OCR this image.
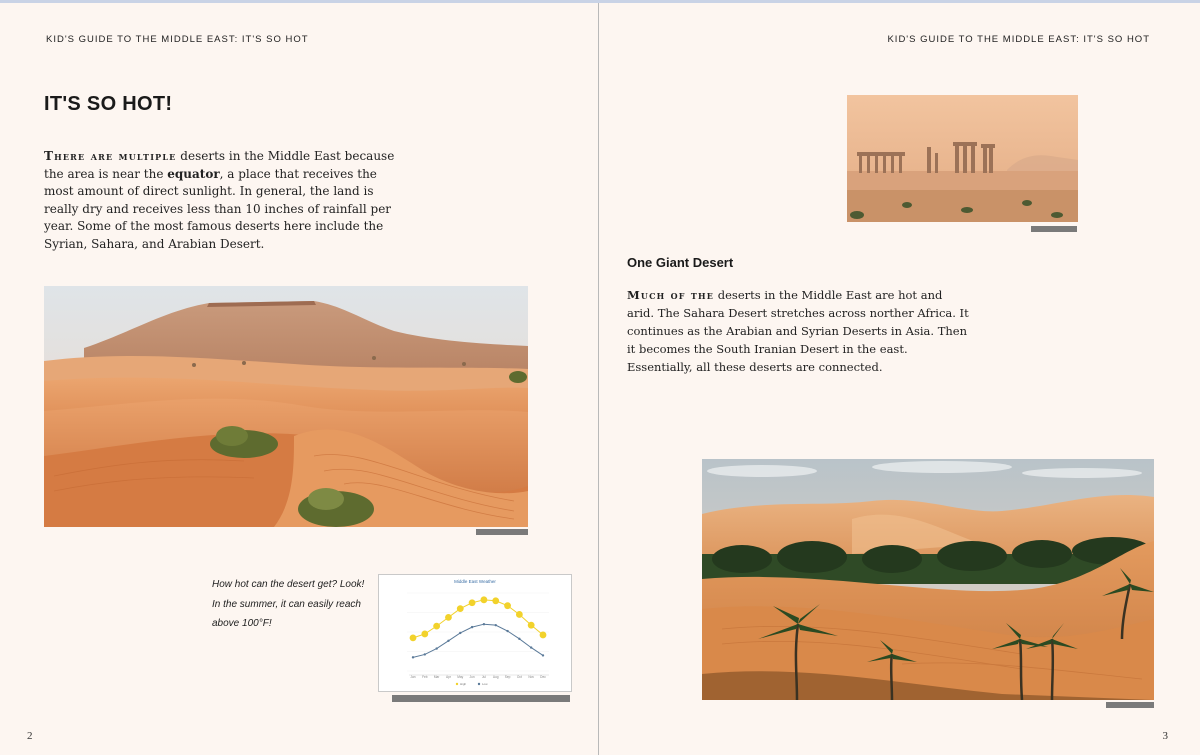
KID'S GUIDE TO THE MIDDLE EAST: IT'S SO HOT
IT'S SO HOT!

There are multiple deserts in the Middle East because the area is near the equator, a place that receives the most amount of direct sunlight. In general, the land is really dry and receives less than 10 inches of rainfall per year. Some of the most famous deserts here include the Syrian, Sahara, and Arabian Desert.

How hot can the desert get? Look! In the summer, it can easily reach above 100°F!

Middle East Weather
Jan Feb Mar Apr May Jun Jul Aug Sep Oct Nov Dec
High	Low
2
KID'S GUIDE TO THE MIDDLE EAST: IT'S SO HOT
One Giant Desert

Much of the deserts in the Middle East are hot and arid. The Sahara Desert stretches across norther Africa. It continues as the Arabian and Syrian Deserts in Asia. Then it becomes the South Iranian Desert in the east. Essentially, all these deserts are connected.

3
